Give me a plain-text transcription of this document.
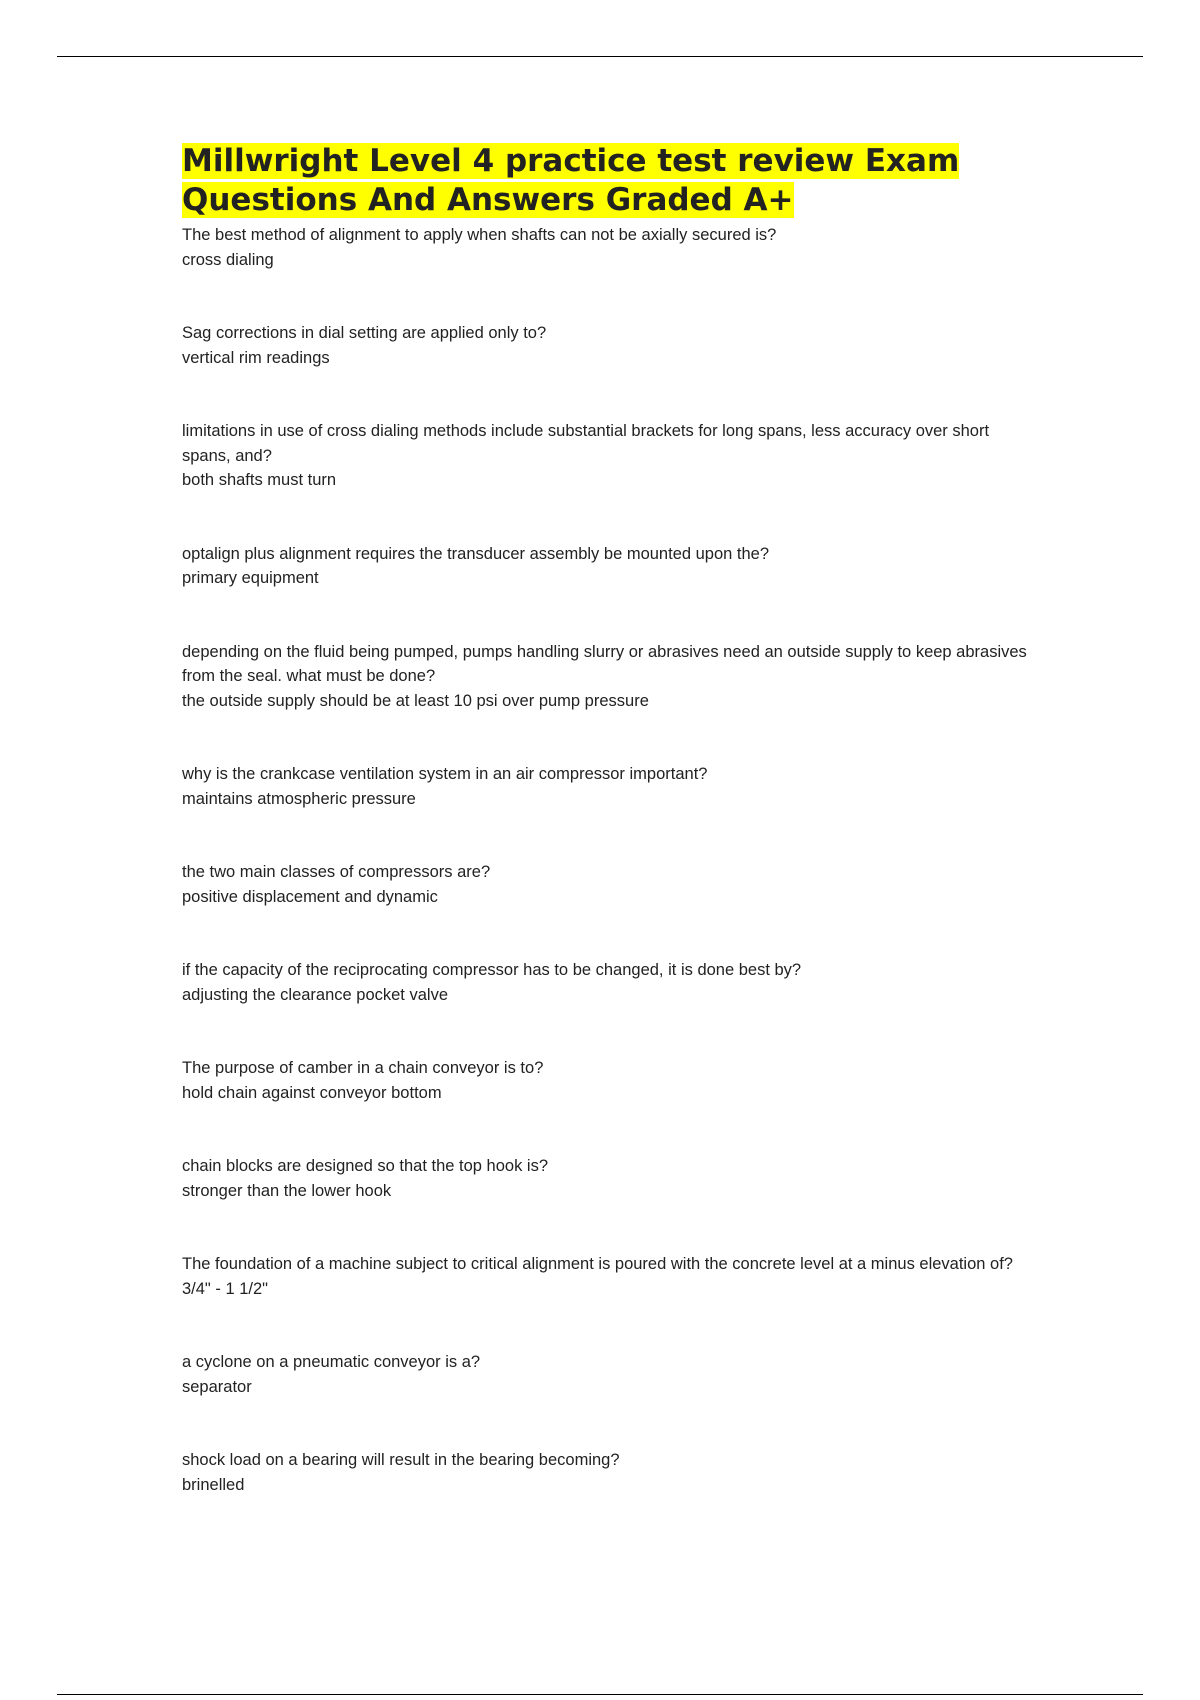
Millwright Level 4 practice test review Exam Questions And Answers Graded A+
The best method of alignment to apply when shafts can not be axially secured is?
cross dialing
Sag corrections in dial setting are applied only to?
vertical rim readings
limitations in use of cross dialing methods include substantial brackets for long spans, less accuracy over short spans, and?
both shafts must turn
optalign plus alignment requires the transducer assembly be mounted upon the?
primary equipment
depending on the fluid being pumped, pumps handling slurry or abrasives need an outside supply to keep abrasives from the seal. what must be done?
the outside supply should be at least 10 psi over pump pressure
why is the crankcase ventilation system in an air compressor important?
maintains atmospheric pressure
the two main classes of compressors are?
positive displacement and dynamic
if the capacity of the reciprocating compressor has to be changed, it is done best by?
adjusting the clearance pocket valve
The purpose of camber in a chain conveyor is to?
hold chain against conveyor bottom
chain blocks are designed so that the top hook is?
stronger than the lower hook
The foundation of a machine subject to critical alignment is poured with the concrete level at a minus elevation of?
3/4" - 1 1/2"
a cyclone on a pneumatic conveyor is a?
separator
shock load on a bearing will result in the bearing becoming?
brinelled
